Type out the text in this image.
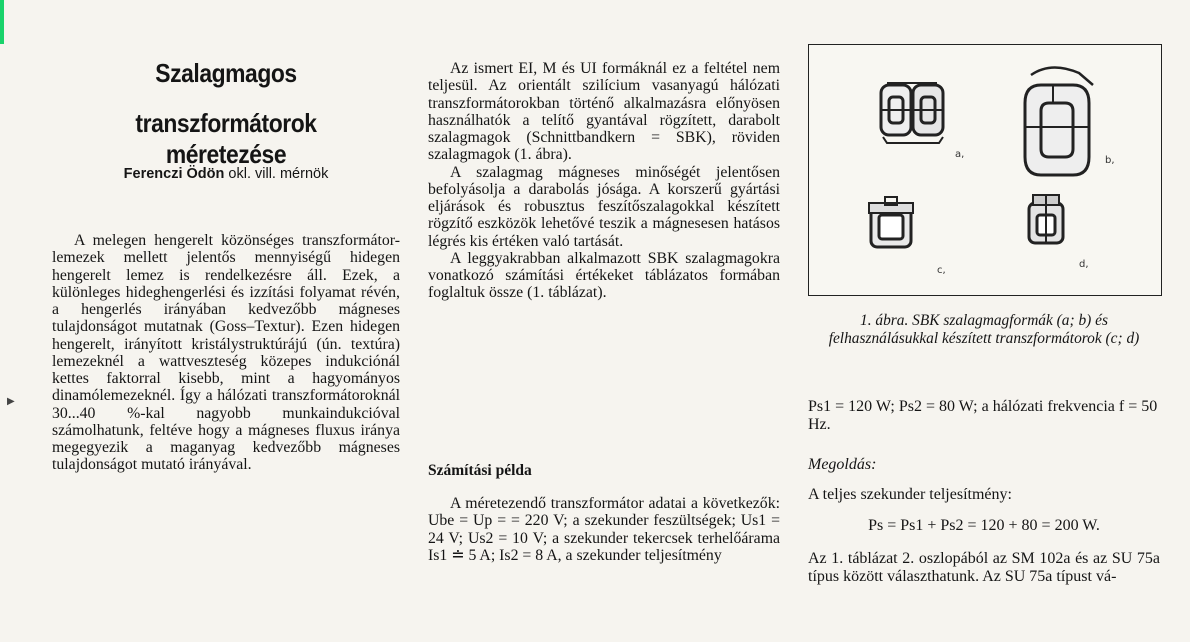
▶
Szalagmagos
transzformátorok méretezése
Ferenczi Ödön okl. vill. mérnök

A melegen hengerelt közönséges transzformátor-lemezek mellett jelentős mennyiségű hidegen hengerelt lemez is rendelkezésre áll. Ezek, a különleges hideghengerlési és izzítási folyamat révén, a hengerlés irányában kedvezőbb mágneses tulajdonságot mutatnak (Goss–Textur). Ezen hidegen hengerelt, irányított kristálystruktúrájú (ún. textúra) lemezeknél a wattveszteség közepes indukciónál kettes faktorral kisebb, mint a hagyományos dinamólemezeknél. Így a hálózati transzformátoroknál 30...40 %-kal nagyobb munkaindukcióval számolhatunk, feltéve hogy a mágneses fluxus iránya megegyezik a maganyag kedvezőbb mágneses tulajdonságot mutató irányával.

Az ismert EI, M és UI formáknál ez a feltétel nem teljesül. Az orientált szilícium vasanyagú hálózati transzformátorokban történő alkalmazásra előnyösen használhatók a telítő gyantával rögzített, darabolt szalagmagok (Schnittbandkern = SBK), röviden szalagmagok (1. ábra).

A szalagmag mágneses minőségét jelentősen befolyásolja a darabolás jósága. A korszerű gyártási eljárások és robusztus feszítőszalagokkal készített rögzítő eszközök lehetővé teszik a mágnesesen hatásos légrés kis értéken való tartását.

A leggyakrabban alkalmazott SBK szalagmagokra vonatkozó számítási értékeket táblázatos formában foglaltuk össze (1. táblázat).

Számítási példa

A méretezendő transzformátor adatai a következők: Ube = Up = = 220 V; a szekunder feszültségek; Us1 = 24 V; Us2 = 10 V; a szekunder tekercsek terhelőárama Is1 ≐ 5 A; Is2 = 8 A, a szekunder teljesítmény

a,
b,
c,
d,
1. ábra. SBK szalagmagformák (a; b) és felhasználásukkal készített transzformátorok (c; d)
Ps1 = 120 W; Ps2 = 80 W; a hálózati frekvencia f = 50 Hz.
Megoldás:
A teljes szekunder teljesítmény:
Ps = Ps1 + Ps2 = 120 + 80 = 200 W.
Az 1. táblázat 2. oszlopából az SM 102a és az SU 75a típus között választhatunk. Az SU 75a típust vá-
